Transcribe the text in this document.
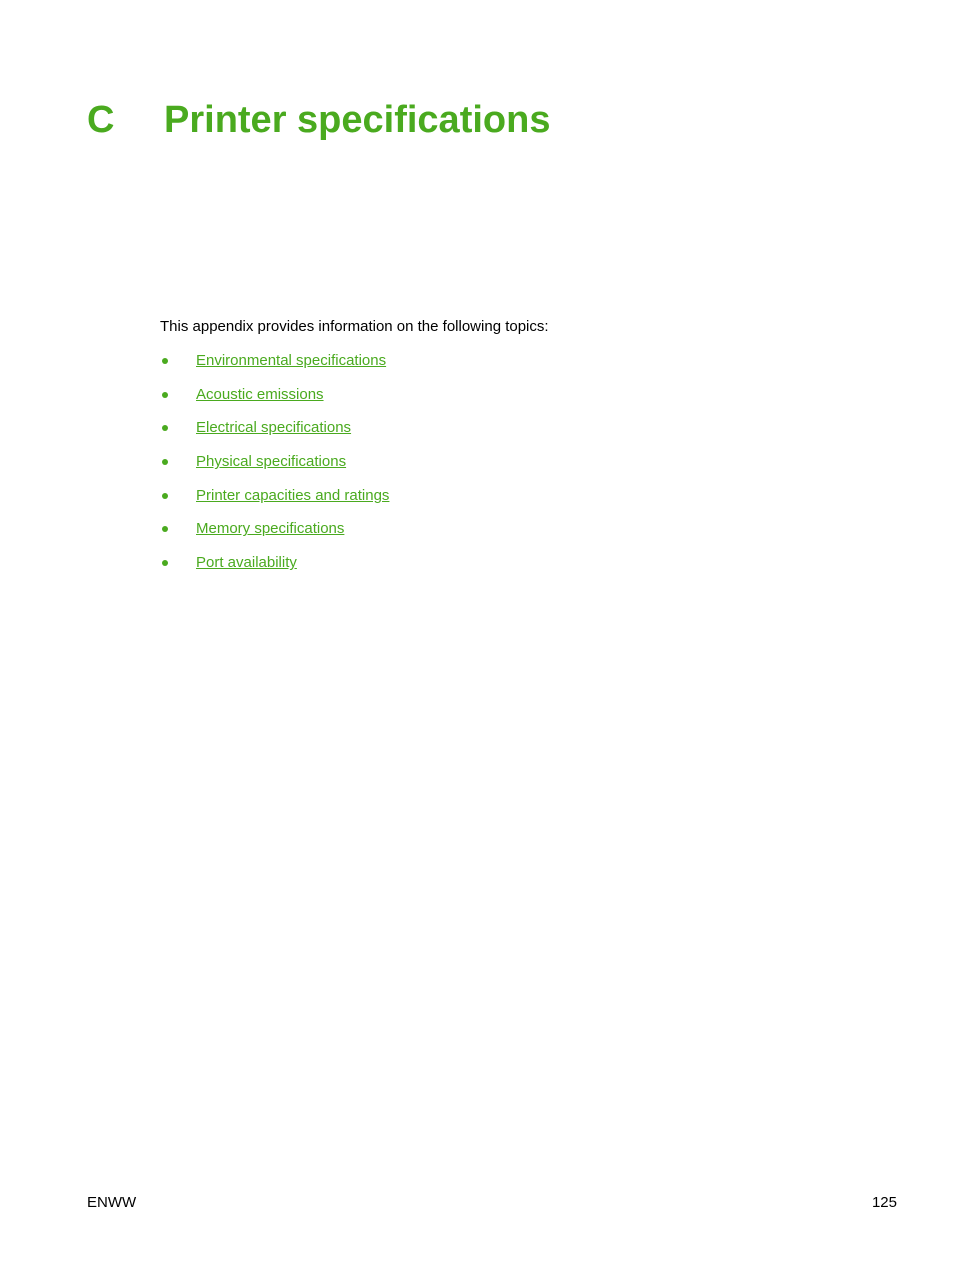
C Printer specifications

This appendix provides information on the following topics:

Environmental specifications
Acoustic emissions
Electrical specifications
Physical specifications
Printer capacities and ratings
Memory specifications
Port availability
ENWW	125
